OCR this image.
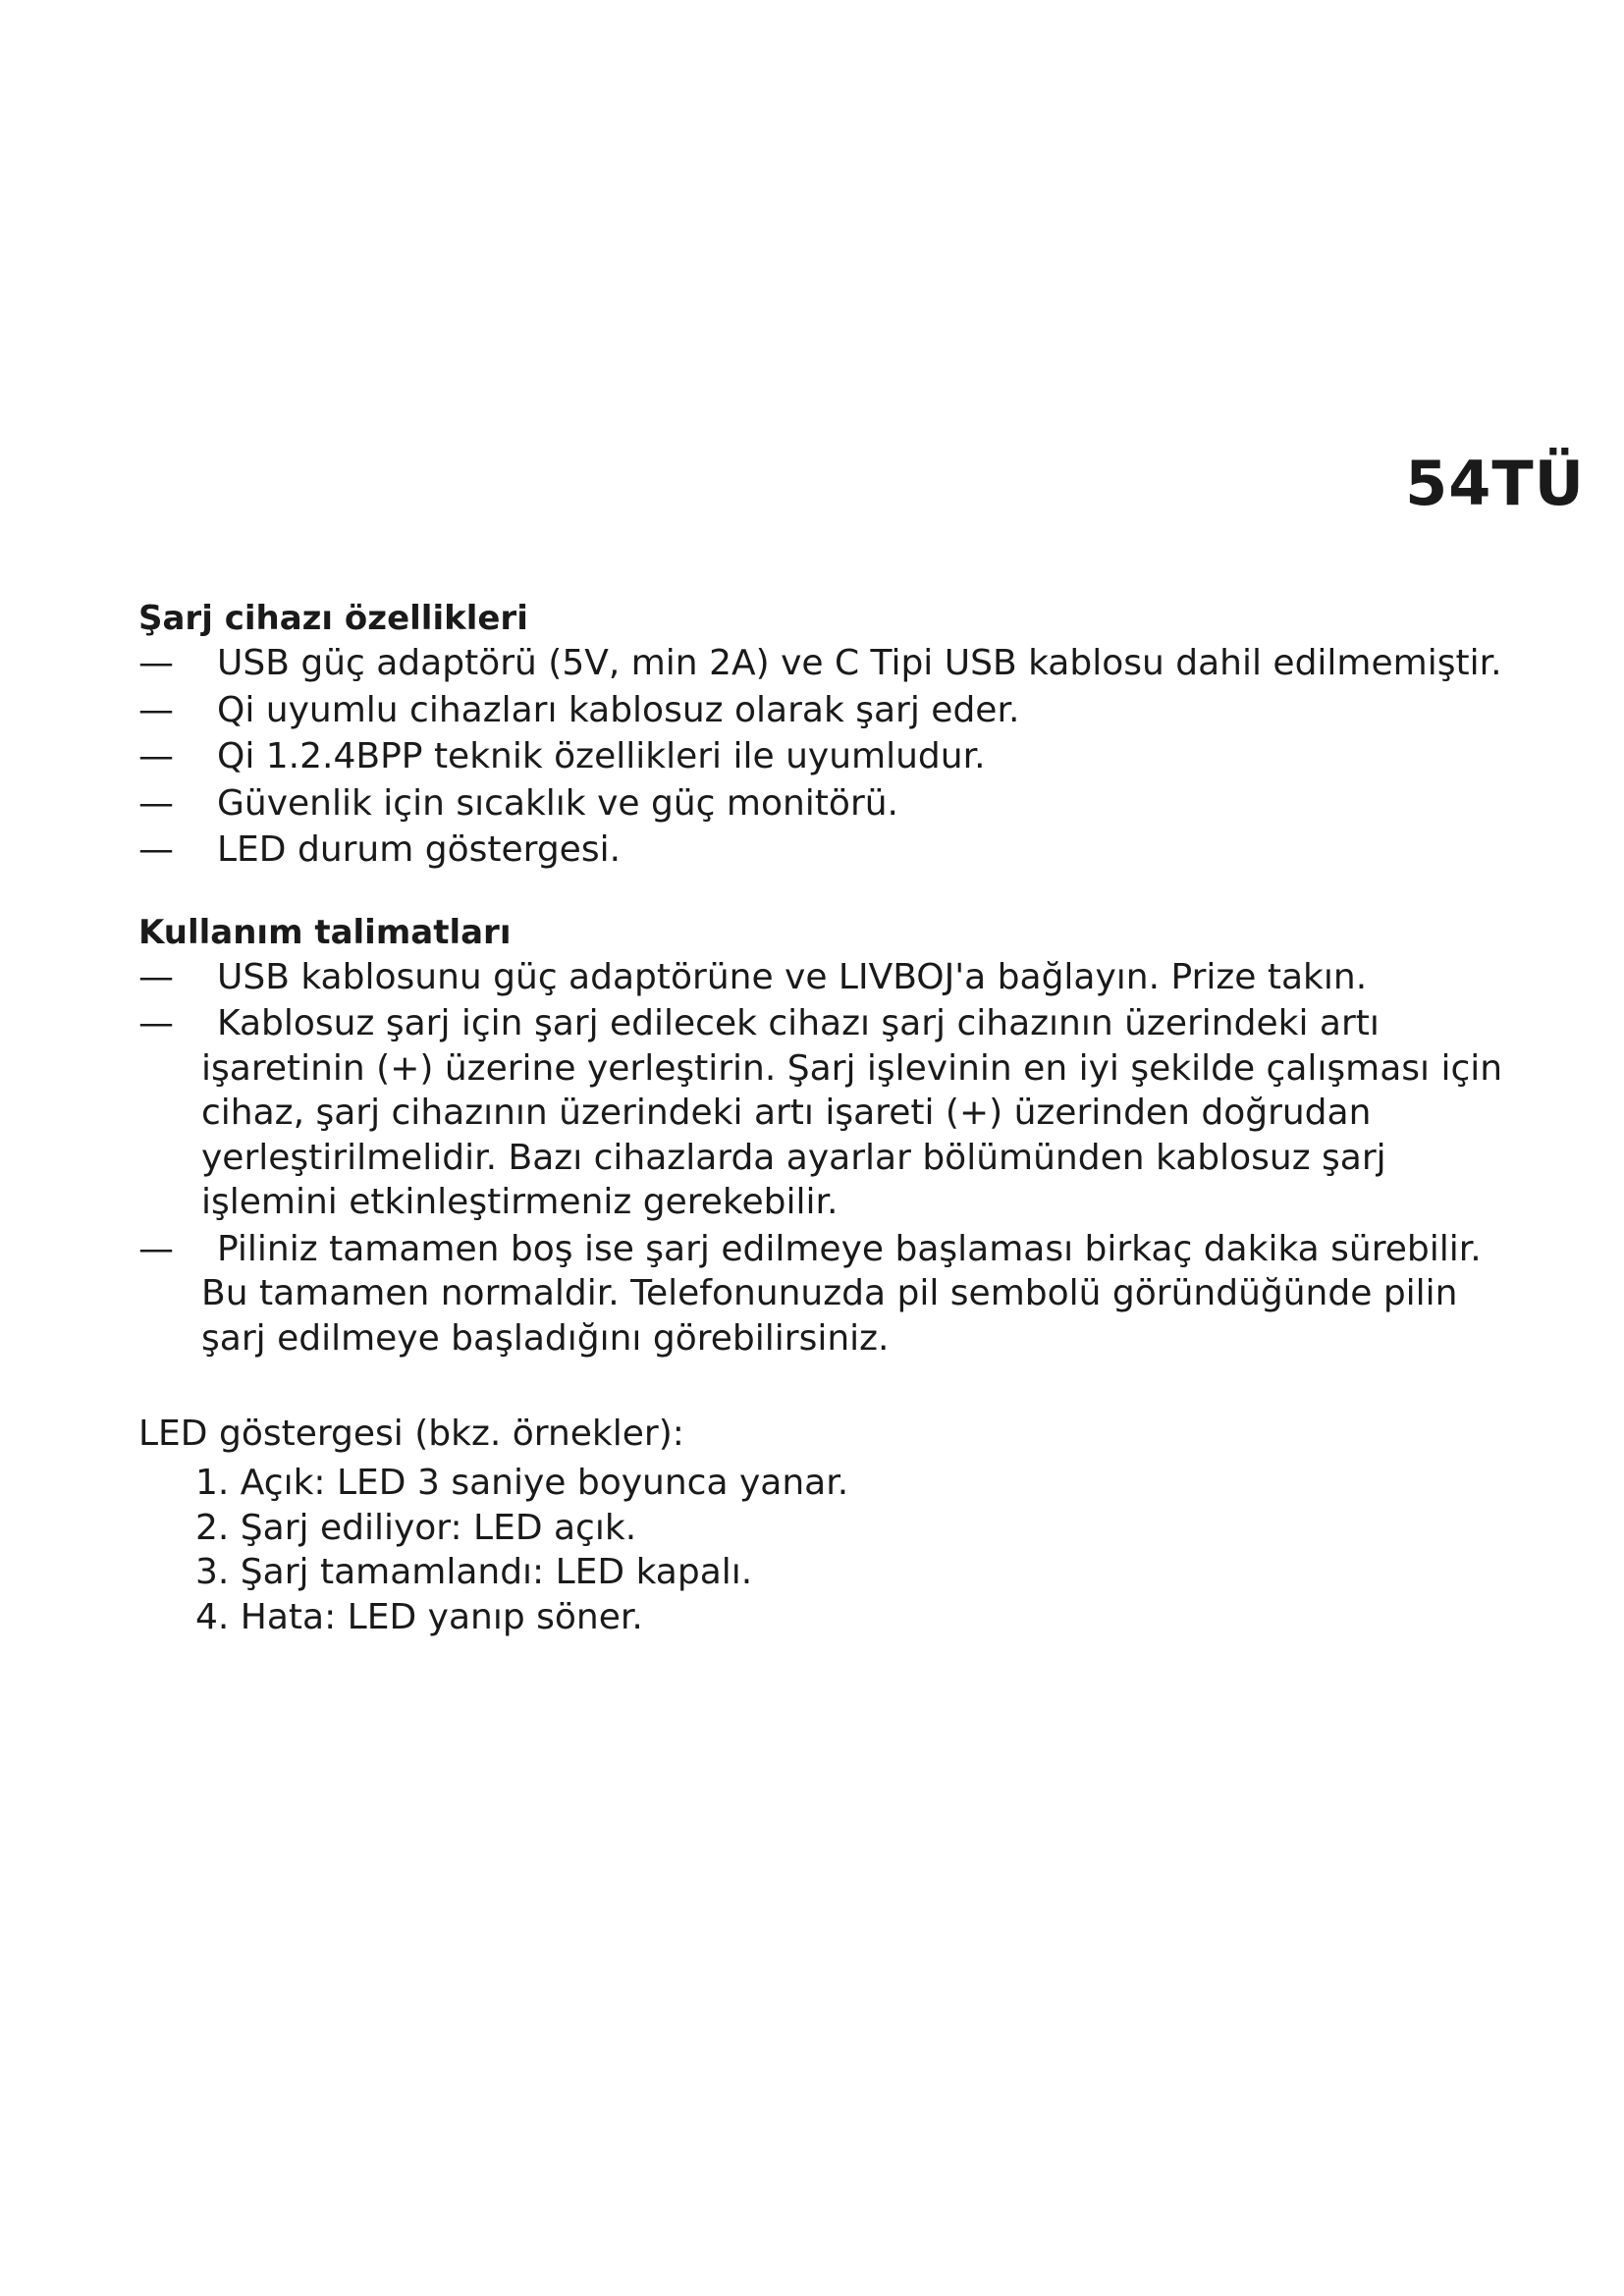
54TÜ
Şarj cihazı özellikleri
—	USB güç adaptörü (5V, min 2A) ve C Tipi USB kablosu dahil edilmemiştir.
—	Qi uyumlu cihazları kablosuz olarak şarj eder.
—	Qi 1.2.4BPP teknik özellikleri ile uyumludur.
—	Güvenlik için sıcaklık ve güç monitörü.
—	LED durum göstergesi.
Kullanım talimatları
—	USB kablosunu güç adaptörüne ve LIVBOJ'a bağlayın. Prize takın.
—	Kablosuz şarj için şarj edilecek cihazı şarj cihazının üzerindeki artı işaretinin (+) üzerine yerleştirin. Şarj işlevinin en iyi şekilde çalışması için cihaz, şarj cihazının üzerindeki artı işareti (+) üzerinden doğrudan yerleştirilmelidir. Bazı cihazlarda ayarlar bölümünden kablosuz şarj işlemini etkinleştirmeniz gerekebilir.
—	Piliniz tamamen boş ise şarj edilmeye başlaması birkaç dakika sürebilir. Bu tamamen normaldir. Telefonunuzda pil sembolü göründüğünde pilin şarj edilmeye başladığını görebilirsiniz.

LED göstergesi (bkz. örnekler):

1. Açık: LED 3 saniye boyunca yanar.
2. Şarj ediliyor: LED açık.
3. Şarj tamamlandı: LED kapalı.
4. Hata: LED yanıp söner.
